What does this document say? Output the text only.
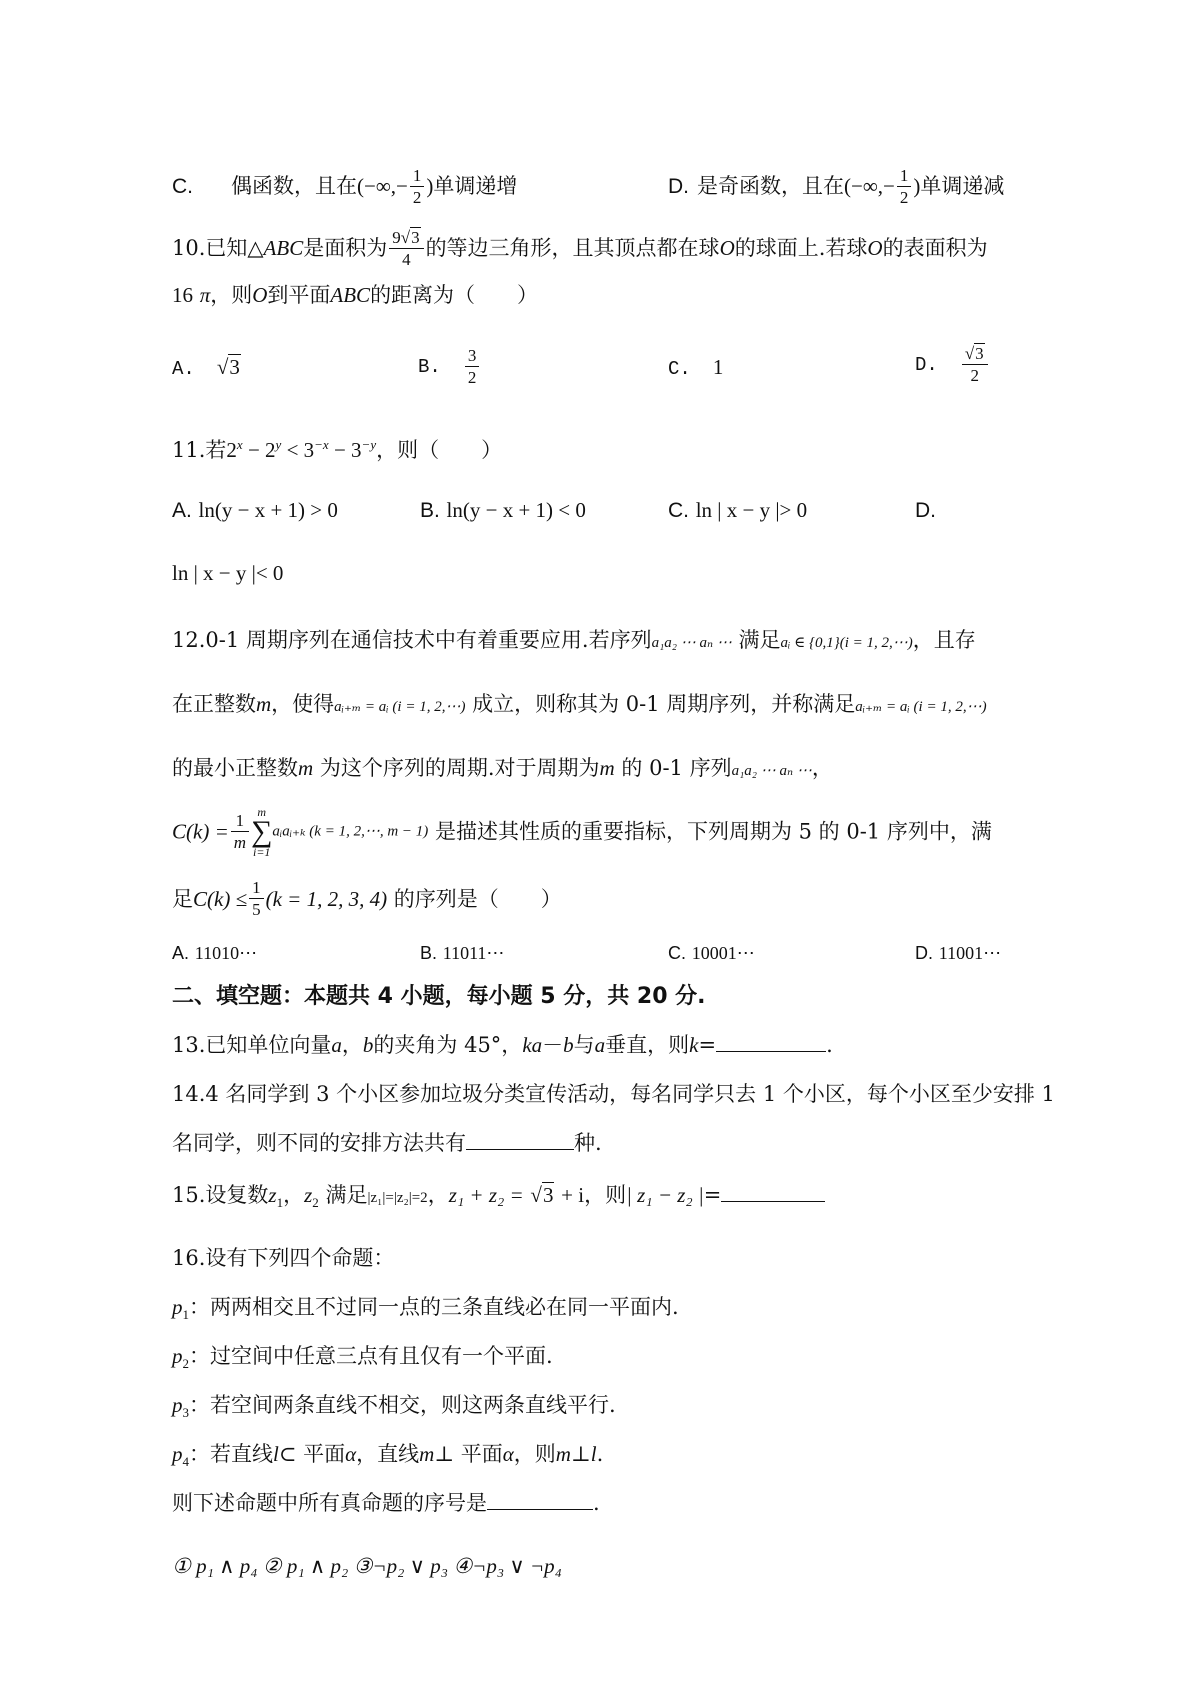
C. 偶函数，且在(−∞,− $\frac{1}{2}$ )单调递增	D. 是奇函数，且在(−∞,− $\frac{1}{2}$ )单调递减
10.已知△ABC是面积为 $\frac{9√3}{4}$ 的等边三角形，且其顶点都在球O的球面上.若球O的表面积为
16 π，则O到平面ABC的距离为（　　）
A. √3	B. $\frac{3}{2}$	C. 1	D. $\frac{√3}{2}$
11.若$2^x - 2^y < 3^{-x} - 3^{-y}$，则（　　）
A. ln(y − x + 1) > 0	B. ln(y − x + 1) < 0	C. ln | x − y |> 0	D.
ln | x − y |< 0
12.0-1 周期序列在通信技术中有着重要应用.若序列a₁a₂ ⋯ aₙ ⋯ 满足aᵢ ∈ {0,1}(i = 1, 2,⋯)，且存
在正整数m，使得aᵢ₊ₘ = aᵢ (i = 1, 2,⋯) 成立，则称其为 0-1 周期序列，并称满足aᵢ₊ₘ = aᵢ (i = 1, 2,⋯)
的最小正整数m 为这个序列的周期.对于周期为m 的 0-1 序列a₁a₂ ⋯ aₙ ⋯，
$C(k) = \frac{1}{m}$ m
∑
i=1
aᵢaᵢ₊ₖ (k = 1, 2,⋯, m − 1) 是描述其性质的重要指标，下列周期为 5 的 0-1 序列中，满
足$C(k) \le \frac{1}{5} (k = 1$, 2, 3, 4) 的序列是（　　）
A. 11010⋯	B. 11011⋯	C. 10001⋯	D. 11001⋯
二、填空题：本题共 4 小题，每小题 5 分，共 20 分.
13.已知单位向量a，b的夹角为 45°，ka－b与a垂直，则k=	.
14.4 名同学到 3 个小区参加垃圾分类宣传活动，每名同学只去 1 个小区，每个小区至少安排 1
名同学，则不同的安排方法共有	种.
15.设复数$z_1$，$z_2$ 满足|z₁|=|z₂|=2，z₁ + z₂ = √3 + i，则| z₁ − z₂ |=
16.设有下列四个命题：
$p_1$：两两相交且不过同一点的三条直线必在同一平面内.
$p_2$：过空间中任意三点有且仅有一个平面.
$p_3$：若空间两条直线不相交，则这两条直线平行.
$p_4$：若直线l⊂ 平面α，直线m⊥ 平面α，则m⊥l.
则下述命题中所有真命题的序号是	.
① p₁ ∧ p₄ ② p₁ ∧ p₂ ③¬p₂ ∨ p₃ ④¬p₃ ∨ ¬p₄
